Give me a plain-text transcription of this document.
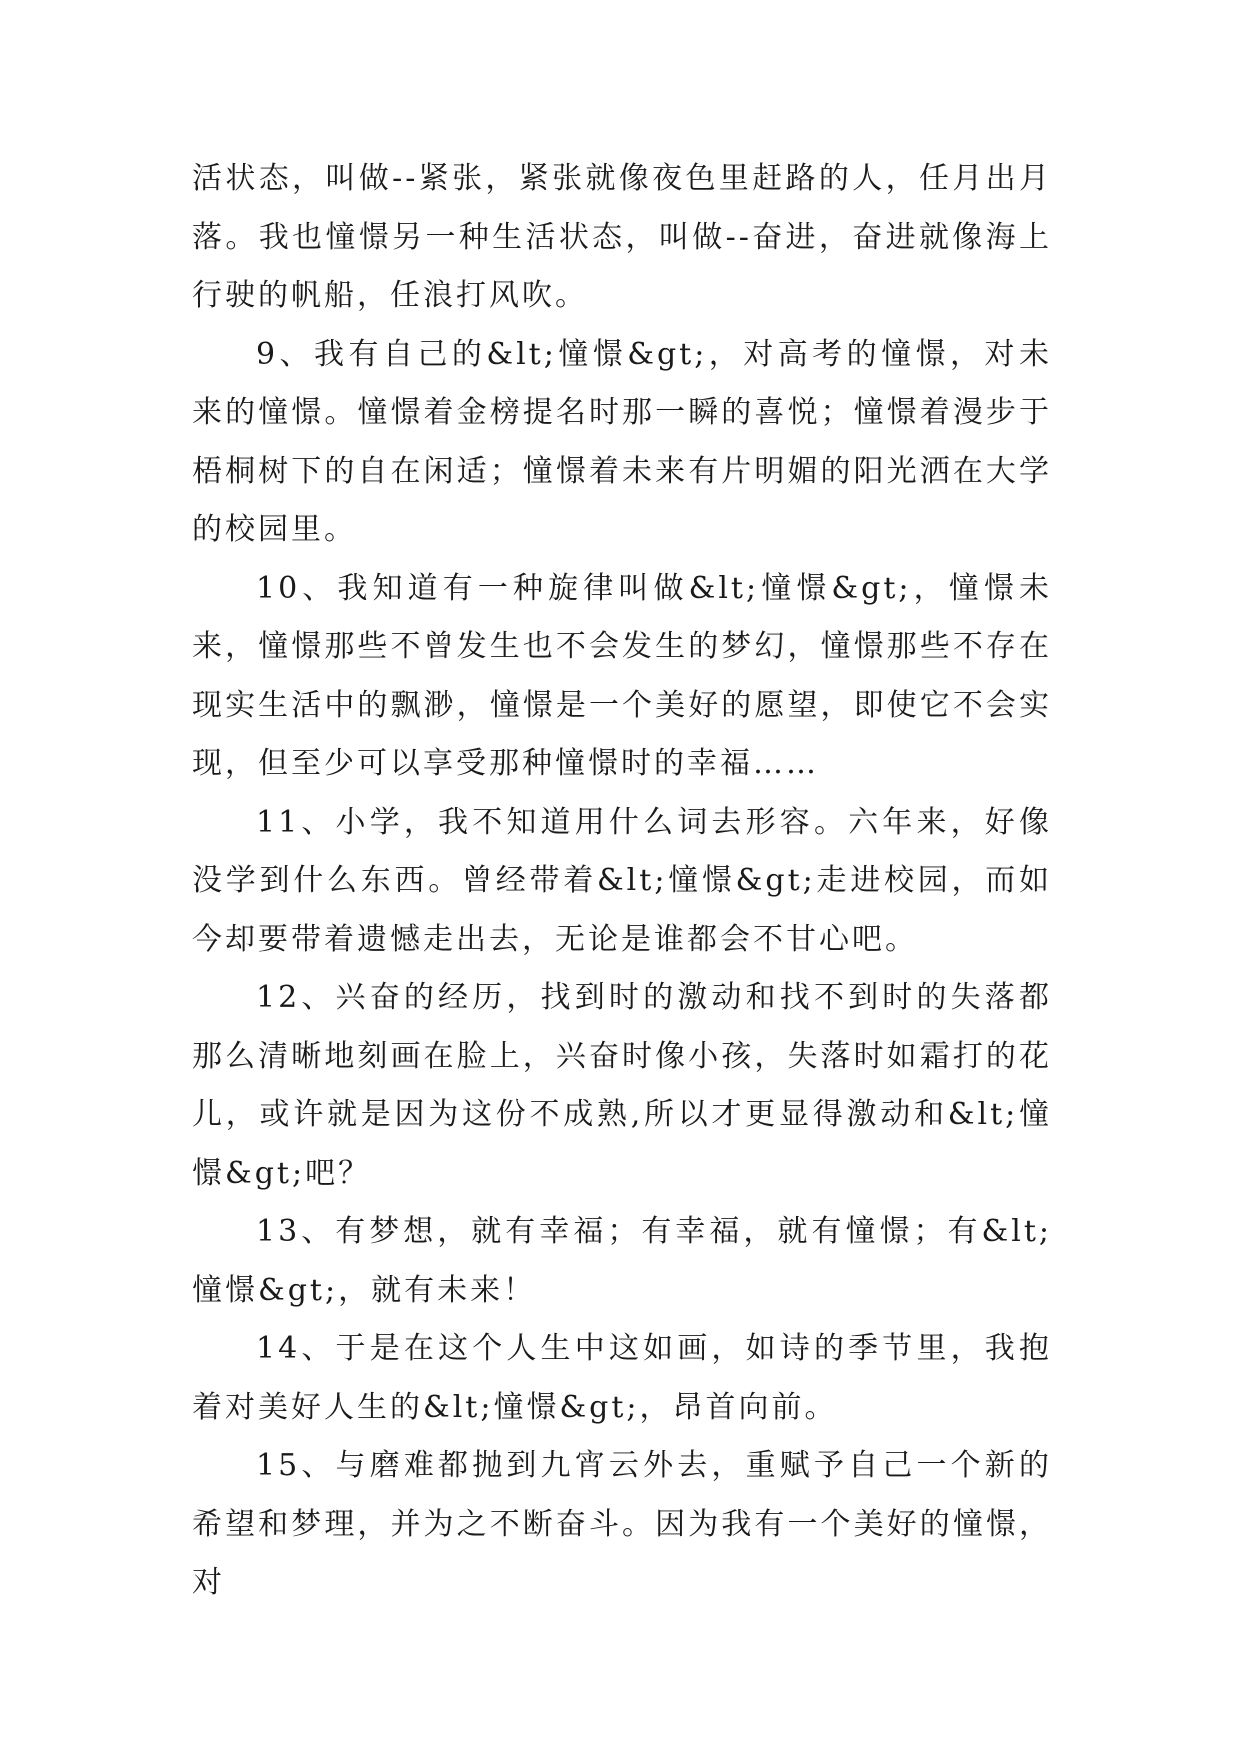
活状态，叫做--紧张，紧张就像夜色里赶路的人，任月出月落。我也憧憬另一种生活状态，叫做--奋进，奋进就像海上行驶的帆船，任浪打风吹。

9、我有自己的&lt;憧憬&gt;，对高考的憧憬，对未来的憧憬。憧憬着金榜提名时那一瞬的喜悦；憧憬着漫步于梧桐树下的自在闲适；憧憬着未来有片明媚的阳光洒在大学的校园里。

10、我知道有一种旋律叫做&lt;憧憬&gt;，憧憬未来，憧憬那些不曾发生也不会发生的梦幻，憧憬那些不存在现实生活中的飘渺，憧憬是一个美好的愿望，即使它不会实现，但至少可以享受那种憧憬时的幸福……

11、小学，我不知道用什么词去形容。六年来，好像没学到什么东西。曾经带着&lt;憧憬&gt;走进校园，而如今却要带着遗憾走出去，无论是谁都会不甘心吧。

12、兴奋的经历，找到时的激动和找不到时的失落都那么清晰地刻画在脸上，兴奋时像小孩，失落时如霜打的花儿，或许就是因为这份不成熟,所以才更显得激动和&lt;憧憬&gt;吧？

13、有梦想，就有幸福；有幸福，就有憧憬；有&lt;憧憬&gt;，就有未来！

14、于是在这个人生中这如画，如诗的季节里，我抱着对美好人生的&lt;憧憬&gt;，昂首向前。

15、与磨难都抛到九宵云外去，重赋予自己一个新的希望和梦理，并为之不断奋斗。因为我有一个美好的憧憬，对
